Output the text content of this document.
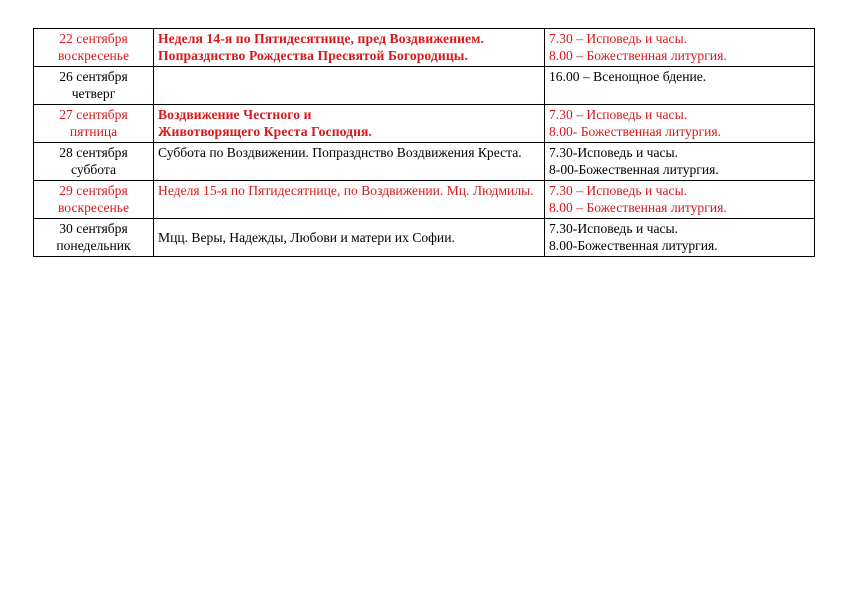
22 сентября
воскресенье	Неделя 14-я по Пятидесятнице, пред Воздвижением. Попразднство Рождества Пресвятой Богородицы.	7.30 – Исповедь и часы.
8.00 – Божественная литургия.

26 сентября
четверг		16.00 – Всенощное бдение.

27 сентября
пятница	Воздвижение Честного и Животворящего Креста Господня.	7.30 – Исповедь и часы.
8.00- Божественная литургия.

28 сентября
суббота	Суббота по Воздвижении. Попразднство Воздвижения Креста.	7.30-Исповедь и часы.
8-00-Божественная литургия.

29 сентября
воскресенье	Неделя 15-я по Пятидесятнице, по Воздвижении. Мц. Людмилы.	7.30 – Исповедь и часы.
8.00 – Божественная литургия.

30 сентября
понедельник	Мцц. Веры, Надежды, Любови и матери их Софии.	7.30-Исповедь и часы.
8.00-Божественная литургия.
